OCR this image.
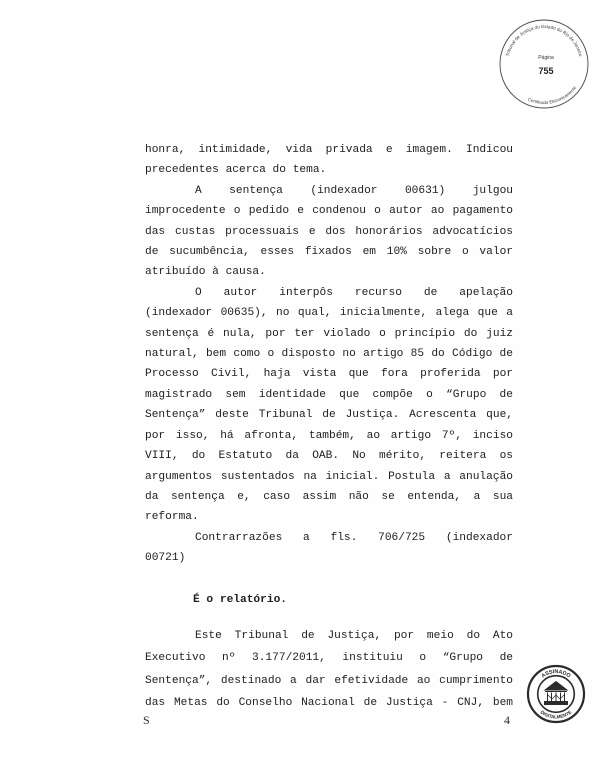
Tribunal de Justiça do Estado do Rio de Janeiro
Certificado Eletronicamente
Página
755
honra, intimidade, vida privada e imagem. Indicou
precedentes acerca do tema.
A sentença (indexador 00631) julgou
improcedente o pedido e condenou o autor ao pagamento
das custas processuais e dos honorários advocatícios
de sucumbência, esses fixados em 10% sobre o valor
atribuído à causa.
O autor interpôs recurso de apelação
(indexador 00635), no qual, inicialmente, alega que a
sentença é nula, por ter violado o princípio do juiz
natural, bem como o disposto no artigo 85 do Código de
Processo Civil, haja vista que fora proferida por
magistrado sem identidade que compõe o “Grupo de
Sentença” deste Tribunal de Justiça. Acrescenta que,
por isso, há afronta, também, ao artigo 7º, inciso
VIII, do Estatuto da OAB. No mérito, reitera os
argumentos sustentados na inicial. Postula a anulação
da sentença e, caso assim não se entenda, a sua
reforma.
Contrarrazões a fls. 706/725 (indexador
00721)
É o relatório.
Este Tribunal de Justiça, por meio do Ato
Executivo nº 3.177/2011, instituiu o “Grupo de
Sentença”, destinado a dar efetividade ao cumprimento
das Metas do Conselho Nacional de Justiça - CNJ, bem
S	4
ASSINADO
DIGITALMENTE
